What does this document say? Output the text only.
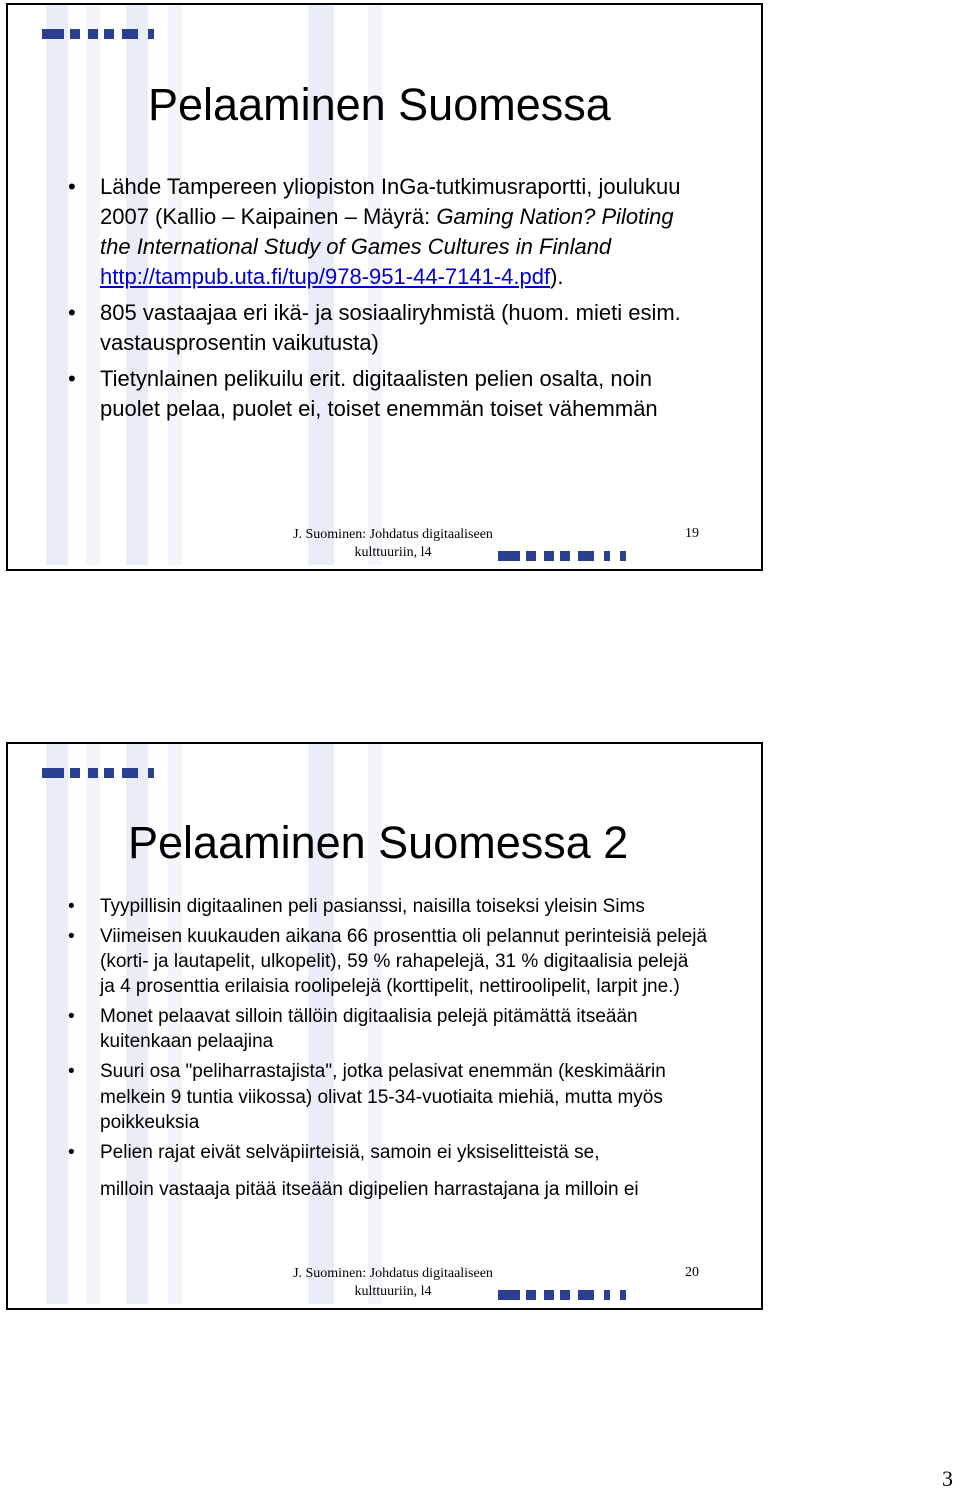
Pelaaminen Suomessa
• Lähde Tampereen yliopiston InGa-tutkimusraportti, joulukuu 2007 (Kallio – Kaipainen – Mäyrä: Gaming Nation? Piloting the International Study of Games Cultures in Finland http://tampub.uta.fi/tup/978-951-44-7141-4.pdf).
• 805 vastaajaa eri ikä- ja sosiaaliryhmistä (huom. mieti esim. vastausprosentin vaikutusta)
• Tietynlainen pelikuilu erit. digitaalisten pelien osalta, noin puolet pelaa, puolet ei, toiset enemmän toiset vähemmän
J. Suominen: Johdatus digitaaliseen
kulttuuriin, l4
19
Pelaaminen Suomessa 2
• Tyypillisin digitaalinen peli pasianssi, naisilla toiseksi yleisin Sims
• Viimeisen kuukauden aikana 66 prosenttia oli pelannut perinteisiä pelejä (korti- ja lautapelit, ulkopelit), 59 % rahapelejä, 31 % digitaalisia pelejä ja 4 prosenttia erilaisia roolipelejä (korttipelit, nettiroolipelit, larpit jne.)
• Monet pelaavat silloin tällöin digitaalisia pelejä pitämättä itseään kuitenkaan pelaajina
• Suuri osa "peliharrastajista", jotka pelasivat enemmän (keskimäärin melkein 9 tuntia viikossa) olivat 15-34-vuotiaita miehiä, mutta myös poikkeuksia
• Pelien rajat eivät selväpiirteisiä, samoin ei yksiselitteistä se,
milloin vastaaja pitää itseään digipelien harrastajana ja milloin ei
J. Suominen: Johdatus digitaaliseen
kulttuuriin, l4
20
3
